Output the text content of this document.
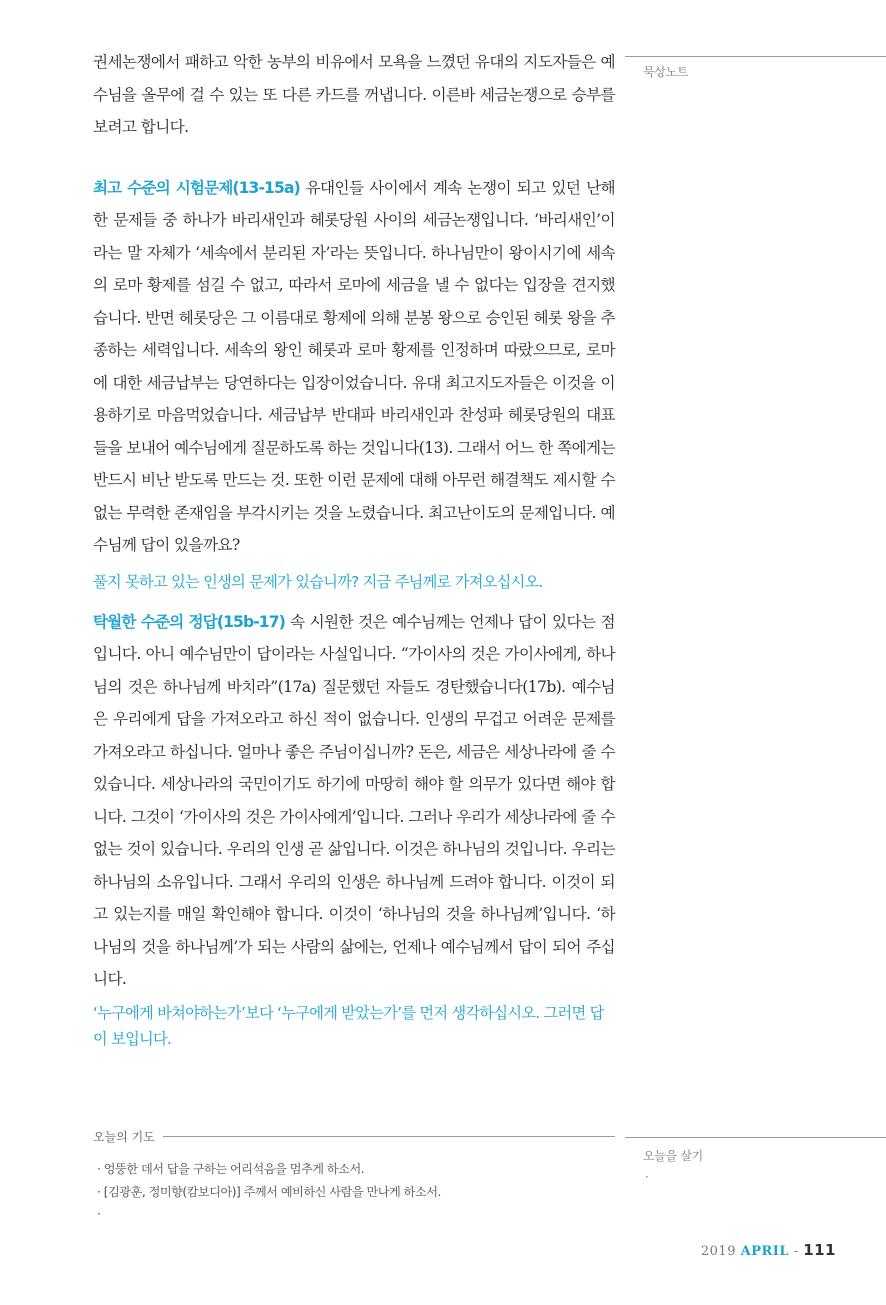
묵상노트
오늘을 살기
·

권세논쟁에서 패하고 악한 농부의 비유에서 모욕을 느꼈던 유대의 지도자들은 예수님을 올무에 걸 수 있는 또 다른 카드를 꺼냅니다. 이른바 세금논쟁으로 승부를 보려고 합니다.

최고 수준의 시험문제(13-15a) 유대인들 사이에서 계속 논쟁이 되고 있던 난해한 문제들 중 하나가 바리새인과 헤롯당원 사이의 세금논쟁입니다. ‘바리새인’이라는 말 자체가 ‘세속에서 분리된 자’라는 뜻입니다. 하나님만이 왕이시기에 세속의 로마 황제를 섬길 수 없고, 따라서 로마에 세금을 낼 수 없다는 입장을 견지했습니다. 반면 헤롯당은 그 이름대로 황제에 의해 분봉 왕으로 승인된 헤롯 왕을 추종하는 세력입니다. 세속의 왕인 헤롯과 로마 황제를 인정하며 따랐으므로, 로마에 대한 세금납부는 당연하다는 입장이었습니다. 유대 최고지도자들은 이것을 이용하기로 마음먹었습니다. 세금납부 반대파 바리새인과 찬성파 헤롯당원의 대표들을 보내어 예수님에게 질문하도록 하는 것입니다(13). 그래서 어느 한 쪽에게는 반드시 비난 받도록 만드는 것. 또한 이런 문제에 대해 아무런 해결책도 제시할 수 없는 무력한 존재임을 부각시키는 것을 노렸습니다. 최고난이도의 문제입니다. 예수님께 답이 있을까요?

풀지 못하고 있는 인생의 문제가 있습니까? 지금 주님께로 가져오십시오.

탁월한 수준의 정답(15b-17) 속 시원한 것은 예수님께는 언제나 답이 있다는 점입니다. 아니 예수님만이 답이라는 사실입니다. “가이사의 것은 가이사에게, 하나님의 것은 하나님께 바치라”(17a) 질문했던 자들도 경탄했습니다(17b). 예수님은 우리에게 답을 가져오라고 하신 적이 없습니다. 인생의 무겁고 어려운 문제를 가져오라고 하십니다. 얼마나 좋은 주님이십니까? 돈은, 세금은 세상나라에 줄 수 있습니다. 세상나라의 국민이기도 하기에 마땅히 해야 할 의무가 있다면 해야 합니다. 그것이 ‘가이사의 것은 가이사에게’입니다. 그러나 우리가 세상나라에 줄 수 없는 것이 있습니다. 우리의 인생 곧 삶입니다. 이것은 하나님의 것입니다. 우리는 하나님의 소유입니다. 그래서 우리의 인생은 하나님께 드려야 합니다. 이것이 되고 있는지를 매일 확인해야 합니다. 이것이 ‘하나님의 것을 하나님께’입니다. ‘하나님의 것을 하나님께’가 되는 사람의 삶에는, 언제나 예수님께서 답이 되어 주십니다.

‘누구에게 바쳐야하는가’보다 ‘누구에게 받았는가’를 먼저 생각하십시오. 그러면 답이 보입니다.

오늘의 기도
· 엉뚱한 데서 답을 구하는 어리석음을 멈추게 하소서.
· [김광훈, 정미향(캄보디아)] 주께서 예비하신 사람을 만나게 하소서.
·
2019 APRIL - 111
